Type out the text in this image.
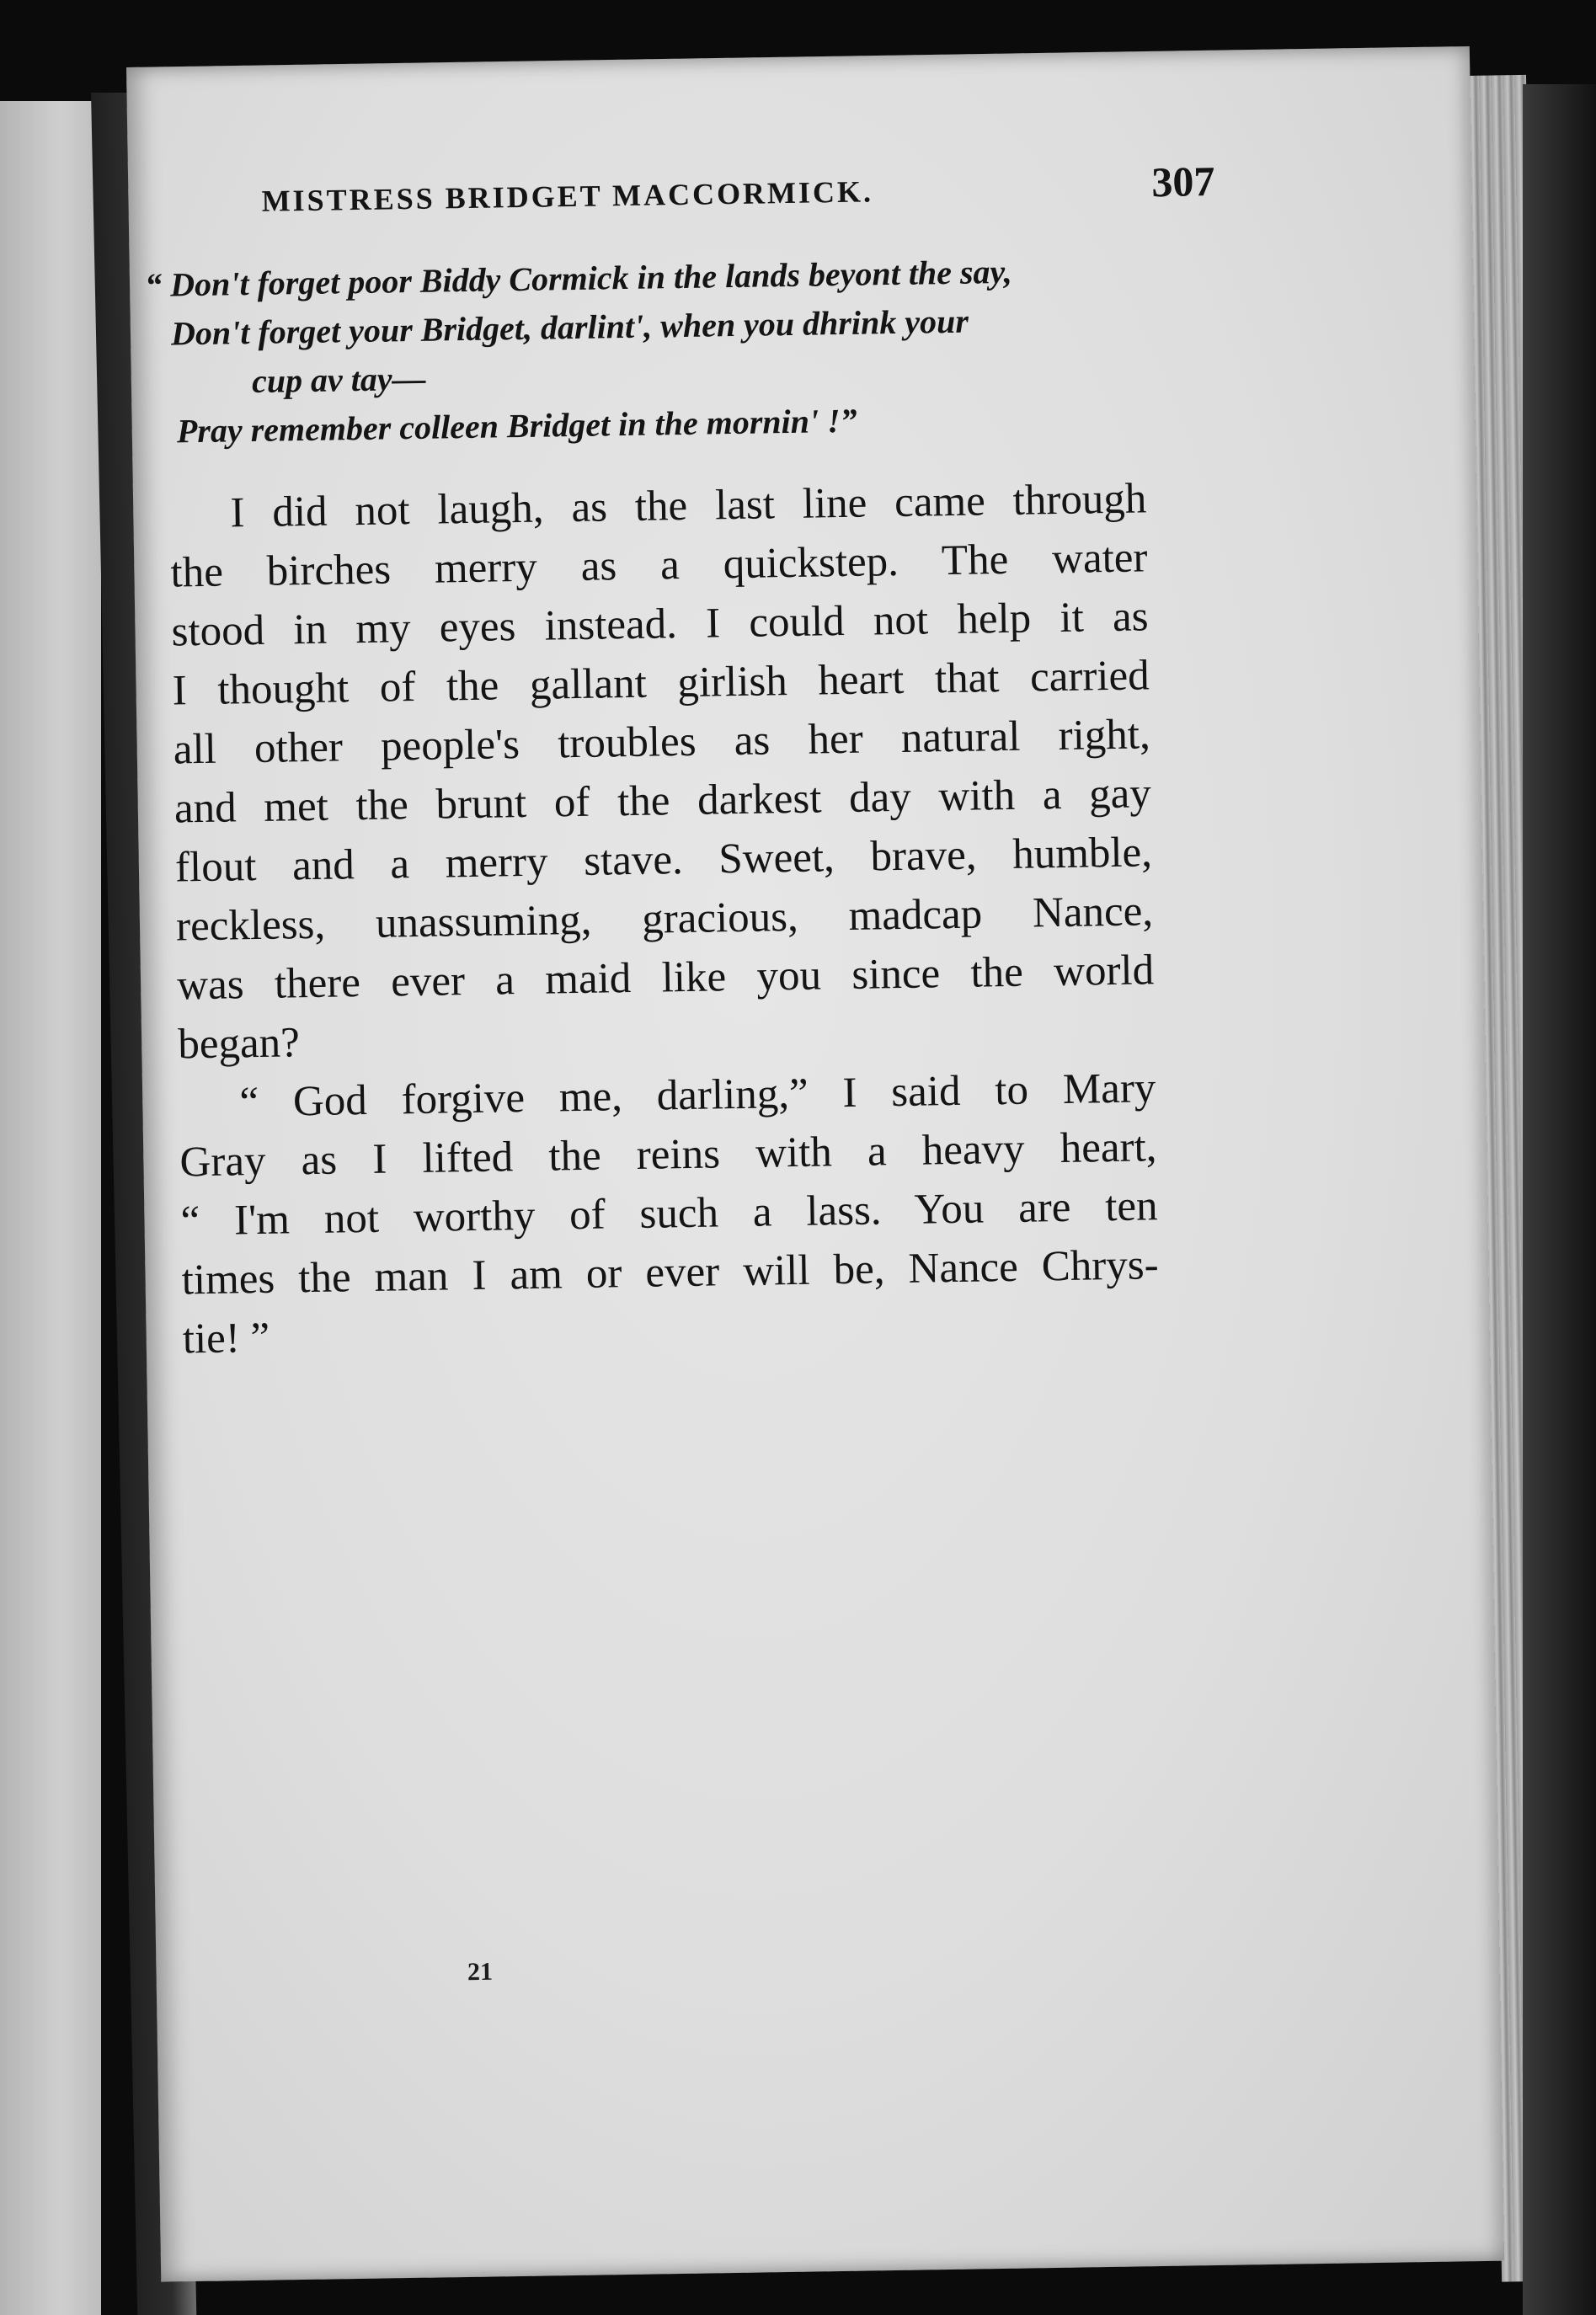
MISTRESS BRIDGET MACCORMICK.	307
“ Don't forget poor Biddy Cormick in the lands beyont the say,
Don't forget your Bridget, darlint', when you dhrink your
cup av tay—
Pray remember colleen Bridget in the mornin' !”
I did not laugh, as the last line came through
the birches merry as a quickstep. The water
stood in my eyes instead. I could not help it as
I thought of the gallant girlish heart that carried
all other people's troubles as her natural right,
and met the brunt of the darkest day with a gay
flout and a merry stave. Sweet, brave, humble,
reckless, unassuming, gracious, madcap Nance,
was there ever a maid like you since the world
began?
“ God forgive me, darling,” I said to Mary
Gray as I lifted the reins with a heavy heart,
“ I'm not worthy of such a lass. You are ten
times the man I am or ever will be, Nance Chrys-
tie! ”
21
